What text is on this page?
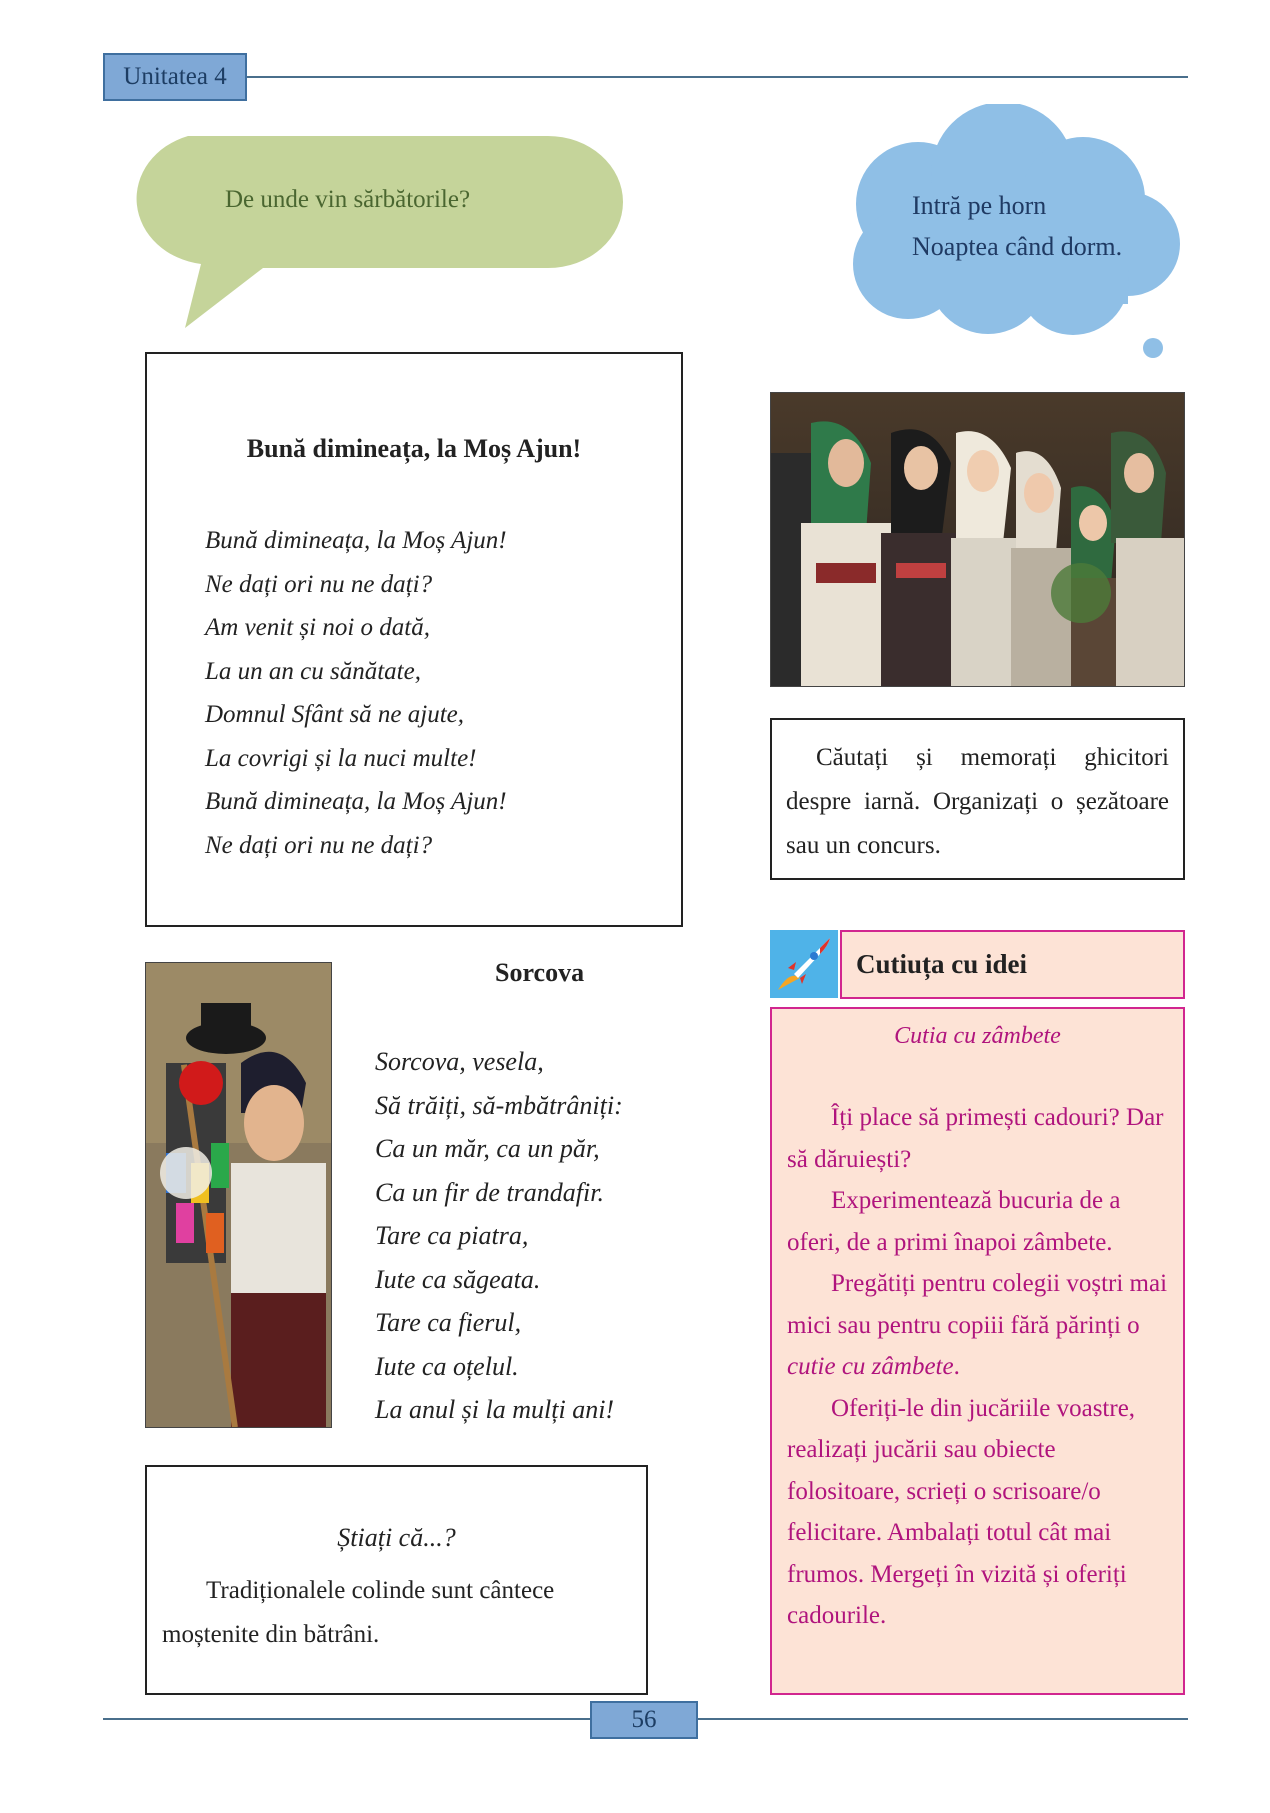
Unitatea 4
De unde vin sărbătorile?	Intră pe horn
Noaptea când dorm.
Bună dimineața, la Moș Ajun!
Bună dimineața, la Moș Ajun!
Ne dați ori nu ne dați?
Am venit și noi o dată,
La un an cu sănătate,
Domnul Sfânt să ne ajute,
La covrigi și la nuci multe!
Bună dimineața, la Moș Ajun!
Ne dați ori nu ne dați?
Căutați și memorați ghicitori despre iarnă. Organizați o șezătoare sau un concurs.
Sorcova
Sorcova, vesela,
Să trăiți, să-mbătrâniți:
Ca un măr, ca un păr,
Ca un fir de trandafir.
Tare ca piatra,
Iute ca săgeata.
Tare ca fierul,
Iute ca oțelul.
La anul și la mulți ani!
Știați că...?
Tradiționalele colinde sunt cântece moștenite din bătrâni.
Cutiuța cu idei
Cutia cu zâmbete

Îți place să primești cadouri? Dar să dăruiești?

Experimentează bucuria de a oferi, de a primi înapoi zâmbete.

Pregătiți pentru colegii voștri mai mici sau pentru copiii fără părinți o cutie cu zâmbete.

Oferiți-le din jucăriile voastre, realizați jucării sau obiecte folositoare, scrieți o scrisoare/o felicitare. Ambalați totul cât mai frumos. Mergeți în vizită și oferiți cadourile.

56
